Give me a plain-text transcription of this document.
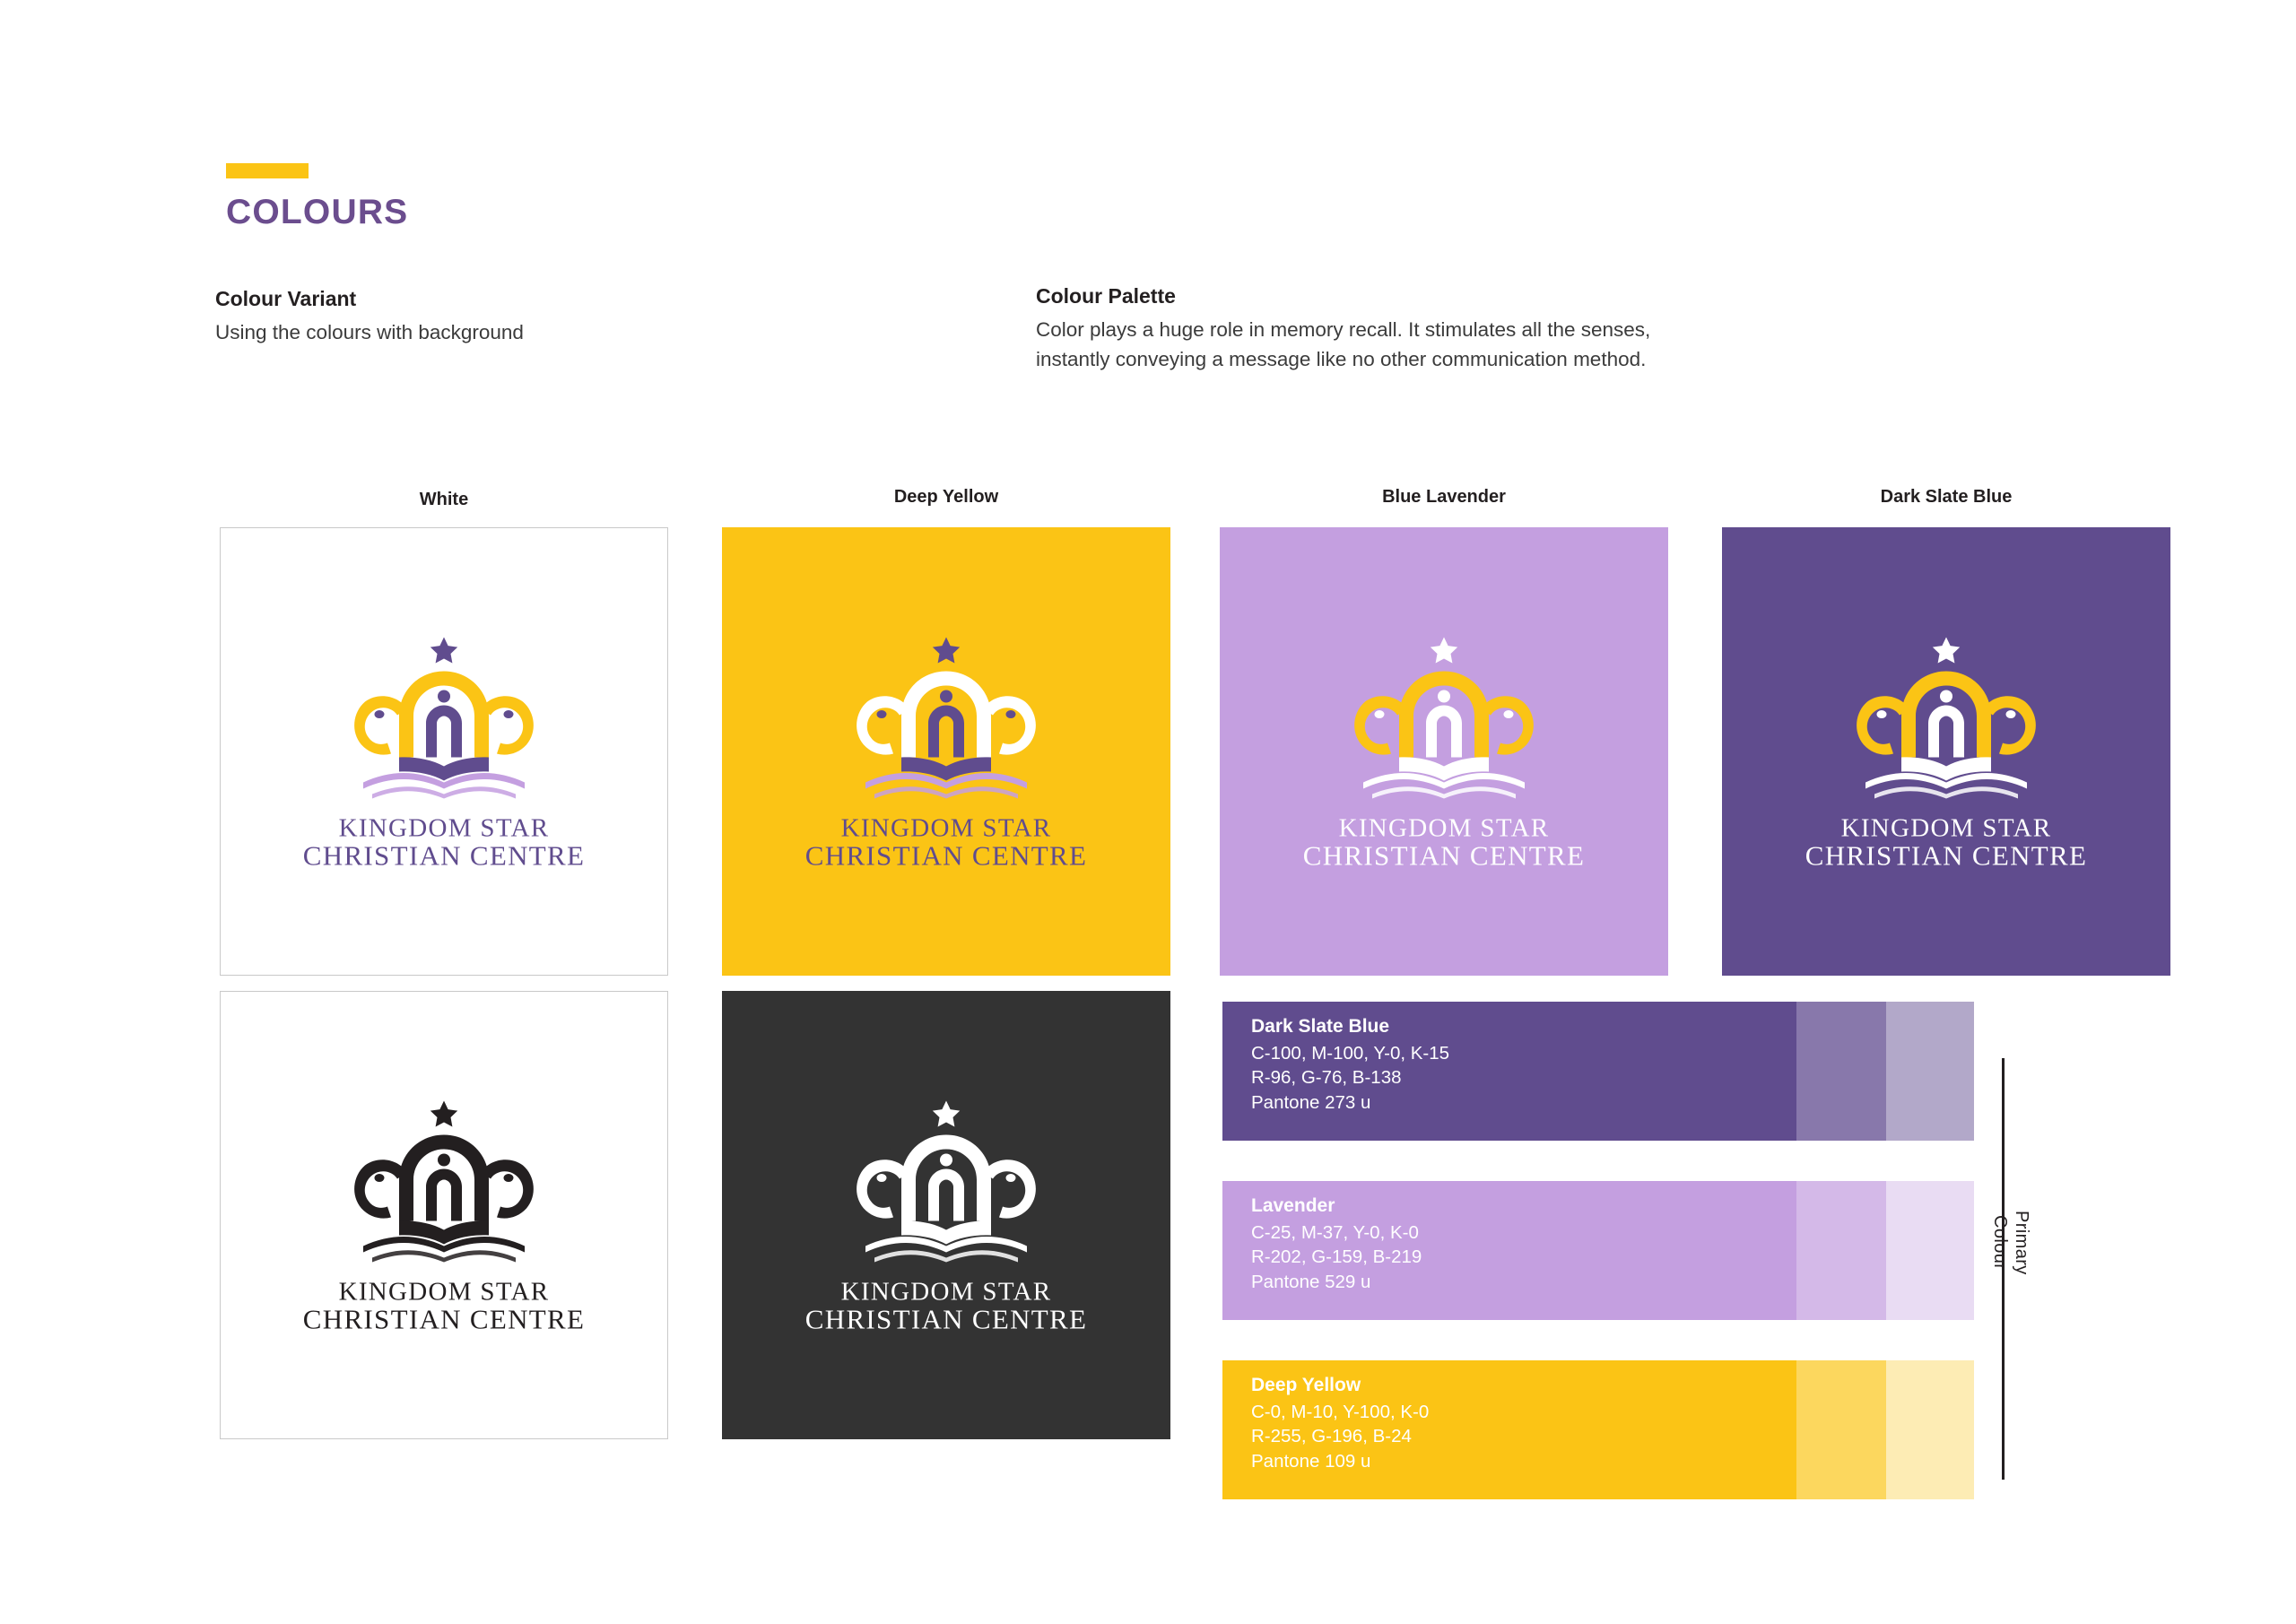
COLOURS

Colour Variant

Using the colours with background

Colour Palette

Color plays a huge role in memory recall. It stimulates all the senses, instantly conveying a message like no other communication method.

White	Deep Yellow	Blue Lavender	Dark Slate Blue
KINGDOM STAR
CHRISTIAN CENTRE
KINGDOM STAR
CHRISTIAN CENTRE
KINGDOM STAR
CHRISTIAN CENTRE
KINGDOM STAR
CHRISTIAN CENTRE
KINGDOM STAR
CHRISTIAN CENTRE
KINGDOM STAR
CHRISTIAN CENTRE
Dark Slate Blue
C-100, M-100, Y-0, K-15
R-96, G-76, B-138
Pantone 273 u
Lavender
C-25, M-37, Y-0, K-0
R-202, G-159, B-219
Pantone 529 u
Deep Yellow
C-0, M-10, Y-100, K-0
R-255, G-196, B-24
Pantone 109 u
Primary
Colour
